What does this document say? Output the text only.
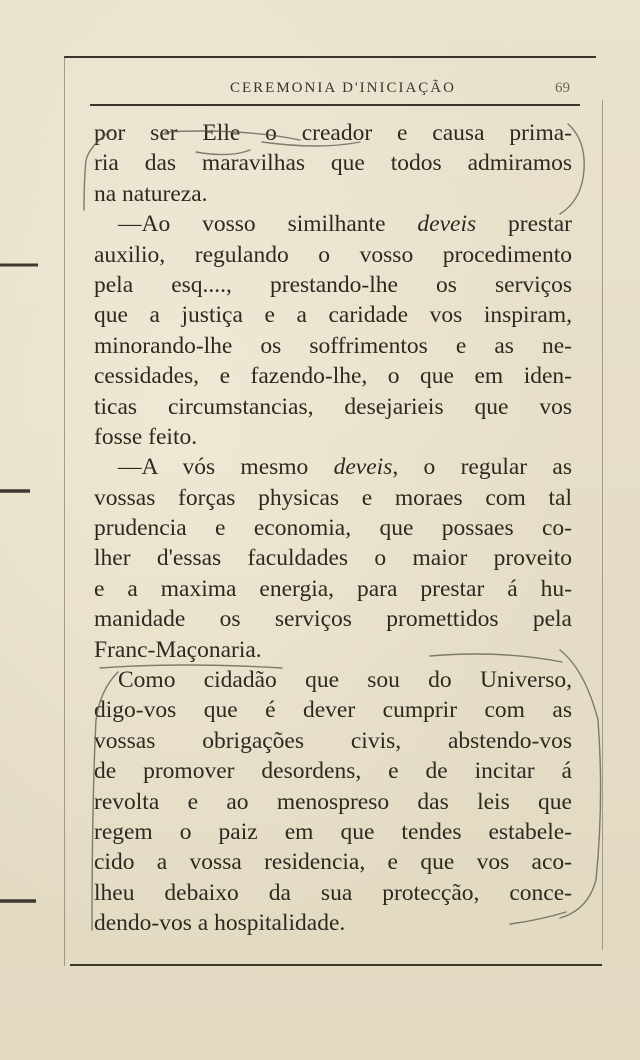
CEREMONIA D'INICIAÇÃO	69
por ser Elle o creador e causa prima-
ria das maravilhas que todos admiramos
na natureza.
—Ao vosso similhante deveis prestar
auxilio, regulando o vosso procedimento
pela esq...., prestando-lhe os serviços
que a justiça e a caridade vos inspiram,
minorando-lhe os soffrimentos e as ne-
cessidades, e fazendo-lhe, o que em iden-
ticas circumstancias, desejarieis que vos
fosse feito.
—A vós mesmo deveis, o regular as
vossas forças physicas e moraes com tal
prudencia e economia, que possaes co-
lher d'essas faculdades o maior proveito
e a maxima energia, para prestar á hu-
manidade os serviços promettidos pela
Franc-Maçonaria.
Como cidadão que sou do Universo,
digo-vos que é dever cumprir com as
vossas obrigações civis, abstendo-vos
de promover desordens, e de incitar á
revolta e ao menospreso das leis que
regem o paiz em que tendes estabele-
cido a vossa residencia, e que vos aco-
lheu debaixo da sua protecção, conce-
dendo-vos a hospitalidade.
